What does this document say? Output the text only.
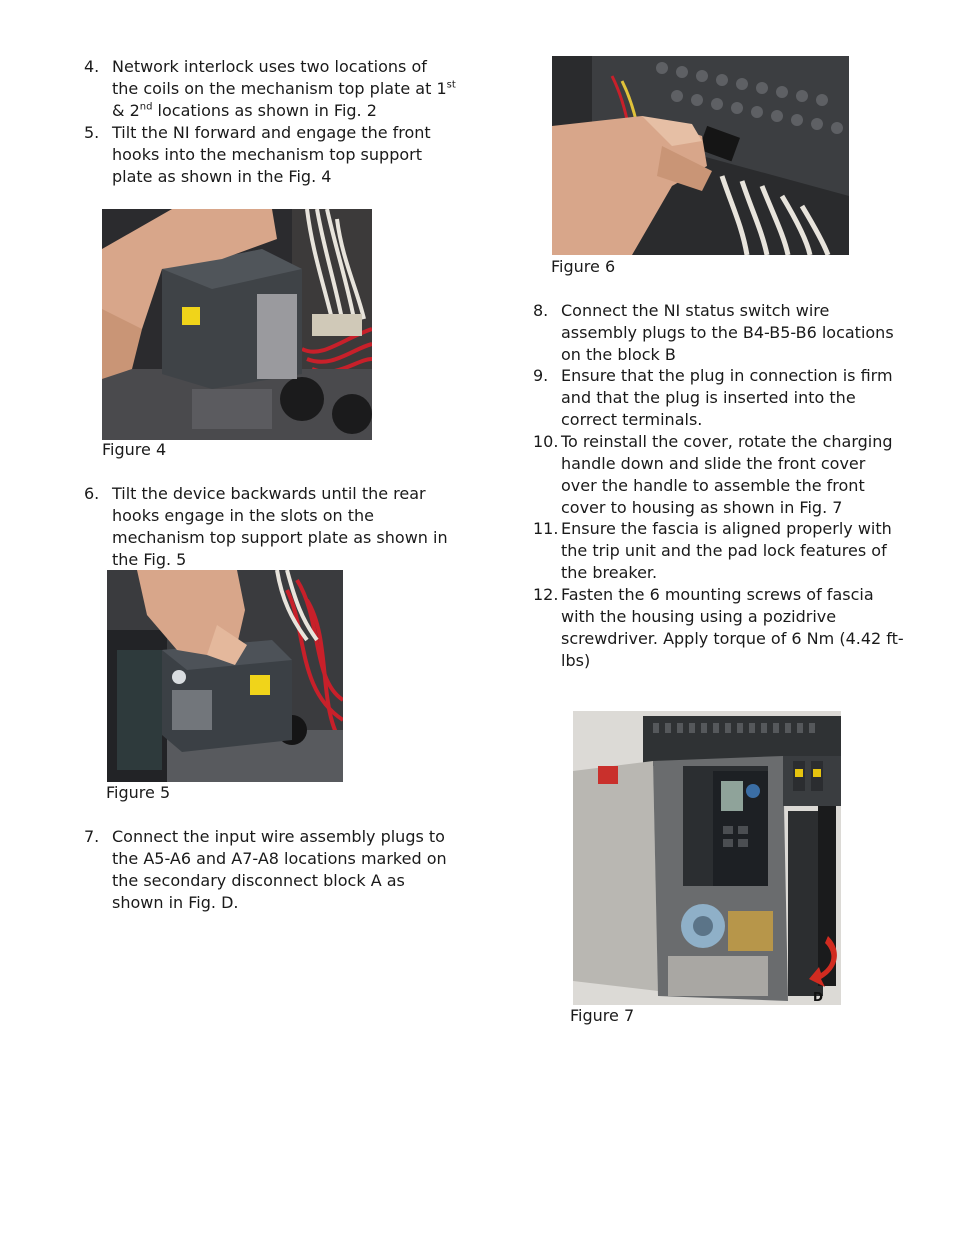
4. Network interlock uses two locations of
the coils on the mechanism top plate at 1st
& 2nd locations as shown in Fig. 2
5. Tilt the NI forward and engage the front
hooks into the mechanism top support
plate as shown in the Fig. 4
Figure 4
6. Tilt the device backwards until the rear
hooks engage in the slots on the
mechanism top support plate as shown in
the Fig. 5
Figure 5
7. Connect the input wire assembly plugs to
the A5-A6 and A7-A8 locations marked on
the secondary disconnect block A as
shown in Fig. D.
Figure 6
8. Connect the NI status switch wire
assembly plugs to the B4-B5-B6 locations
on the block B
9. Ensure that the plug in connection is firm
and that the plug is inserted into the
correct terminals.
10. To reinstall the cover, rotate the charging
handle down and slide the front cover
over the handle to assemble the front
cover to housing as shown in Fig. 7
11. Ensure the fascia is aligned properly with
the trip unit and the pad lock features of
the breaker.
12. Fasten the 6 mounting screws of fascia
with the housing using a pozidrive
screwdriver. Apply torque of 6 Nm (4.42 ft-
lbs)
D
Figure 7
